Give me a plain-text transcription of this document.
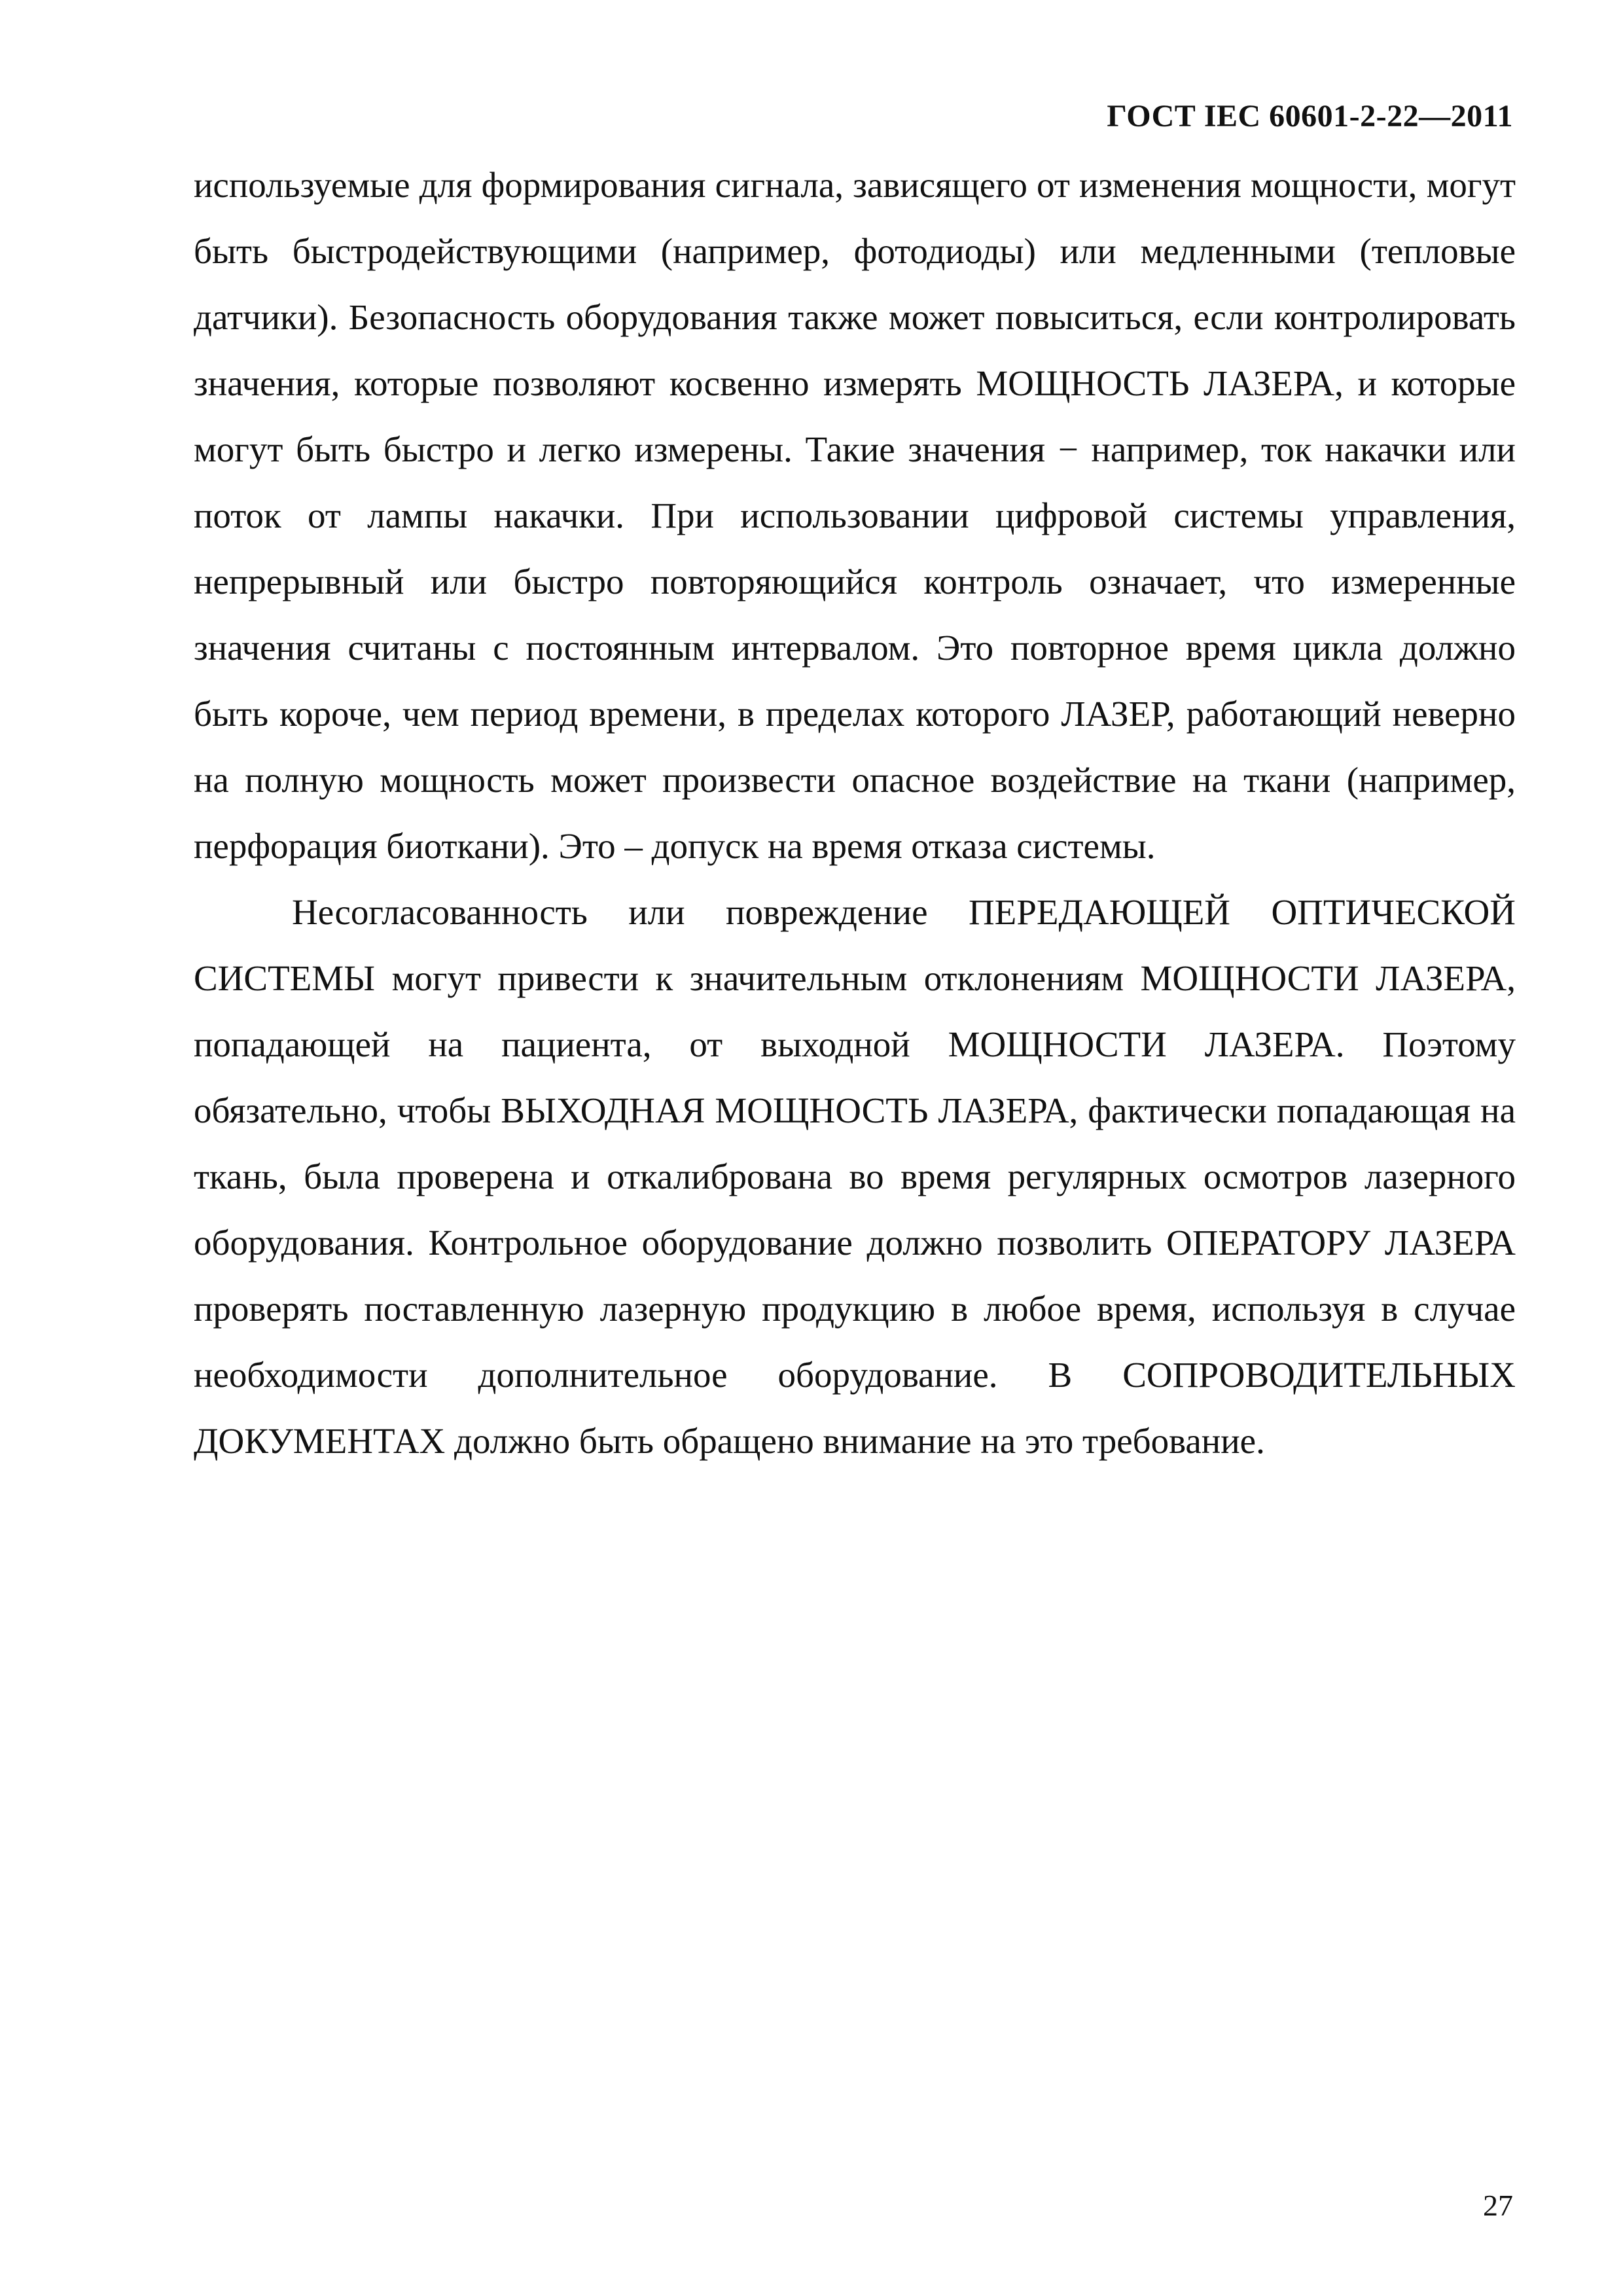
ГОСТ IEC 60601-2-22—2011

используемые для формирования сигнала, зависящего от изменения мощности, могут быть быстродействующими (например, фотодиоды) или медленными (тепловые датчики). Безопасность оборудования также может повыситься, если контролировать значения, которые позволяют косвенно измерять МОЩНОСТЬ ЛАЗЕРА, и которые могут быть быстро и легко измерены. Такие значения − например, ток накачки или поток от лампы накачки. При использовании цифровой системы управления, непрерывный или быстро повторяющийся контроль означает, что измеренные значения считаны с постоянным интервалом. Это повторное время цикла должно быть короче, чем период времени, в пределах которого ЛАЗЕР, работающий неверно на полную мощность может произвести опасное воздействие на ткани (например, перфорация биоткани). Это – допуск на время отказа системы.

Несогласованность или повреждение ПЕРЕДАЮЩЕЙ ОПТИЧЕСКОЙ СИСТЕМЫ могут привести к значительным отклонениям МОЩНОСТИ ЛАЗЕРА, попадающей на пациента, от выходной МОЩНОСТИ ЛАЗЕРА. Поэтому обязательно, чтобы ВЫХОДНАЯ МОЩНОСТЬ ЛАЗЕРА, фактически попадающая на ткань, была проверена и откалибрована во время регулярных осмотров лазерного оборудования. Контрольное оборудование должно позволить ОПЕРАТОРУ ЛАЗЕРА проверять поставленную лазерную продукцию в любое время, используя в случае необходимости дополнительное оборудование. В СОПРОВОДИТЕЛЬНЫХ ДОКУМЕНТАХ должно быть обращено внимание на это требование.

27
